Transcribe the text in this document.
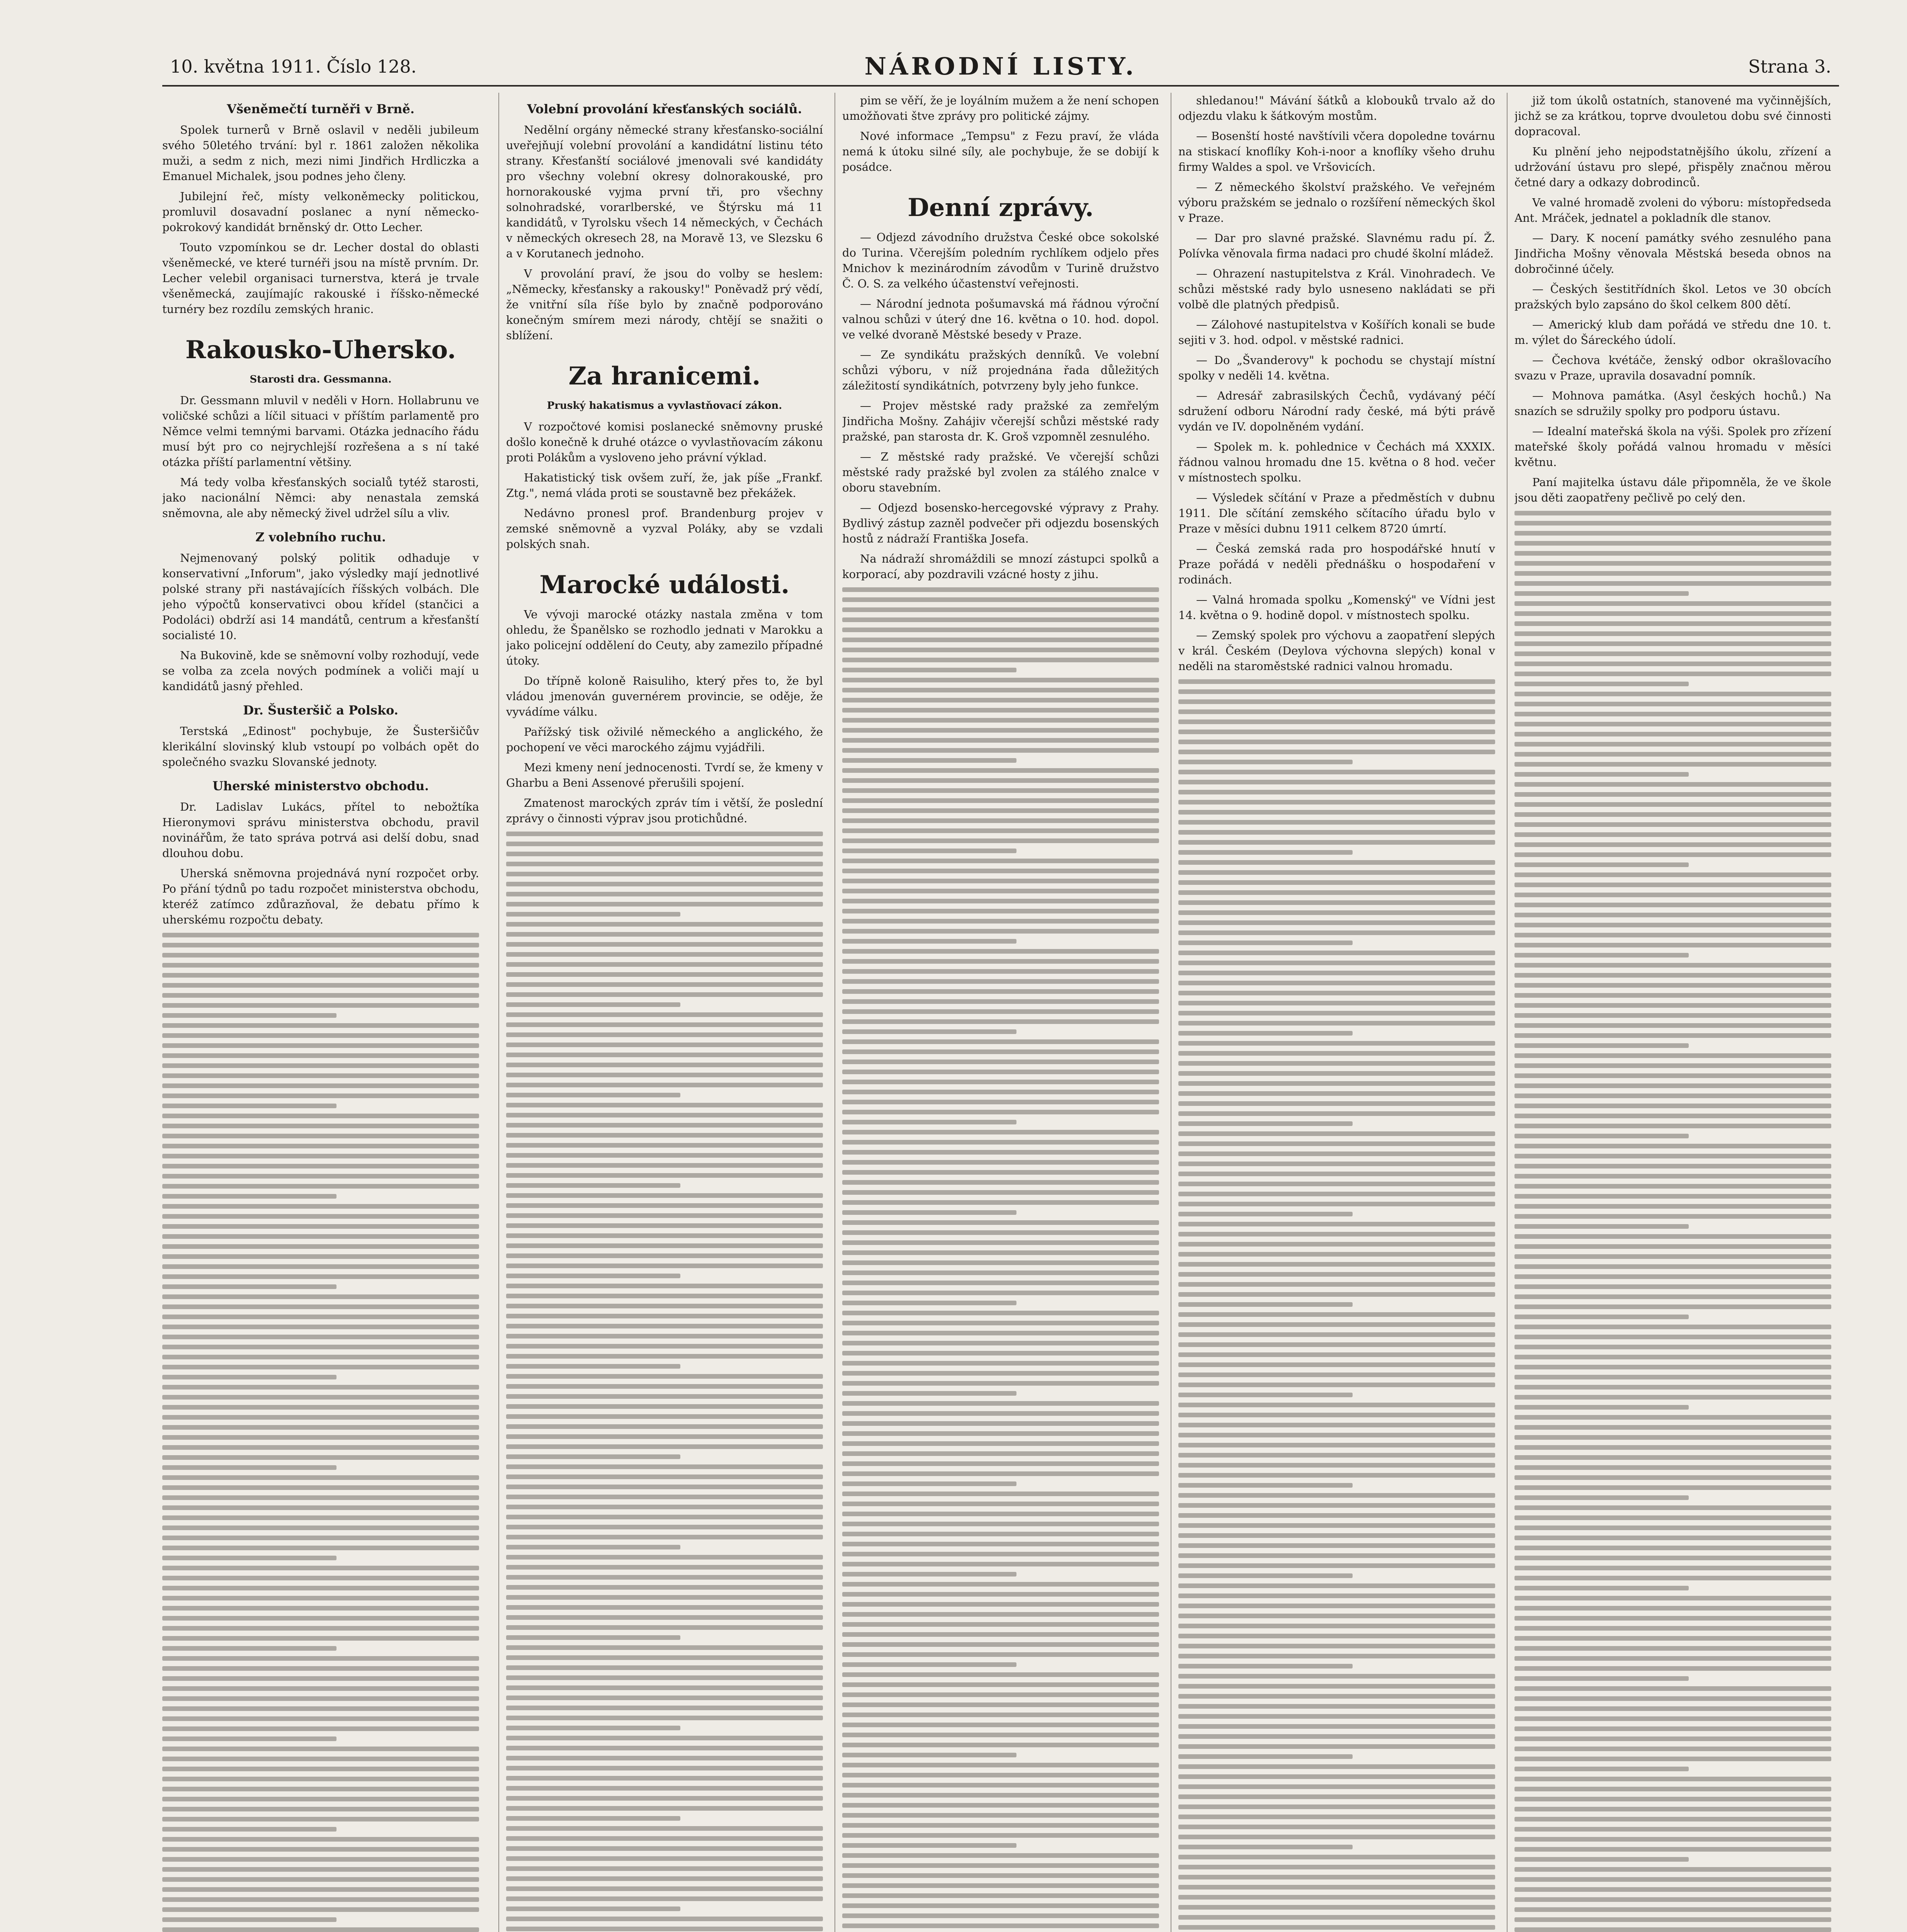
10. května 1911. Číslo 128.	NÁRODNÍ LISTY.	Strana 3.
Všeněmečtí turněři v Brně.

Spolek turnerů v Brně oslavil v neděli jubileum svého 50letého trvání: byl r. 1861 založen několika muži, a sedm z nich, mezi nimi Jindřich Hrdliczka a Emanuel Michalek, jsou podnes jeho členy.

Jubilejní řeč, místy velkoněmecky politickou, promluvil dosavadní poslanec a nyní německo-pokrokový kandidát brněnský dr. Otto Lecher.

Touto vzpomínkou se dr. Lecher dostal do oblasti všeněmecké, ve které turnéři jsou na místě prvním. Dr. Lecher velebil organisaci turnerstva, která je trvale všeněmecká, zaujímajíc rakouské i říšsko-německé turnéry bez rozdílu zemských hranic.

Rakousko-Uhersko.
Starosti dra. Gessmanna.

Dr. Gessmann mluvil v neděli v Horn. Hollabrunu ve voličské schůzi a líčil situaci v příštím parlamentě pro Němce velmi temnými barvami. Otázka jednacího řádu musí být pro co nejrychlejší rozřešena a s ní také otázka příští parlamentní většiny.

Má tedy volba křesťanských socialů tytéž starosti, jako nacionální Němci: aby nenastala zemská sněmovna, ale aby německý živel udržel sílu a vliv.

Z volebního ruchu.

Nejmenovaný polský politik odhaduje v konservativní „Inforum", jako výsledky mají jednotlivé polské strany při nastávajících říšských volbách. Dle jeho výpočtů konservativci obou křídel (stančici a Podoláci) obdrží asi 14 mandátů, centrum a křesťanští socialisté 10.

Na Bukovině, kde se sněmovní volby rozhodují, vede se volba za zcela nových podmínek a voliči mají u kandidátů jasný přehled.

Dr. Šusteršič a Polsko.

Terstská „Edinost" pochybuje, že Šusteršičův klerikální slovinský klub vstoupí po volbách opět do společného svazku Slovanské jednoty.

Uherské ministerstvo obchodu.

Dr. Ladislav Lukács, přítel to nebožtíka Hieronymovi správu ministerstva obchodu, pravil novinářům, že tato správa potrvá asi delší dobu, snad dlouhou dobu.

Uherská sněmovna projednává nyní rozpočet orby. Po přání týdnů po tadu rozpočet ministerstva obchodu, kteréž zatímco zdůrazňoval, že debatu přímo k uherskému rozpočtu debaty.

Volební provolání křesťanských sociálů.

Nedělní orgány německé strany křesťansko-sociální uveřejňují volební provolání a kandidátní listinu této strany. Křesťanští sociálové jmenovali své kandidáty pro všechny volební okresy dolnorakouské, pro hornorakouské vyjma první tři, pro všechny solnohradské, vorarlberské, ve Štýrsku má 11 kandidátů, v Tyrolsku všech 14 německých, v Čechách v německých okresech 28, na Moravě 13, ve Slezsku 6 a v Korutanech jednoho.

V provolání praví, že jsou do volby se heslem: „Německy, křesťansky a rakousky!" Poněvadž prý vědí, že vnitřní síla říše bylo by značně podporováno konečným smírem mezi národy, chtějí se snažiti o sblížení.

Za hranicemi.
Pruský hakatismus a vyvlastňovací zákon.

V rozpočtové komisi poslanecké sněmovny pruské došlo konečně k druhé otázce o vyvlastňovacím zákonu proti Polákům a vysloveno jeho právní výklad.

Hakatistický tisk ovšem zuří, že, jak píše „Frankf. Ztg.", nemá vláda proti se soustavně bez překážek.

Nedávno pronesl prof. Brandenburg projev v zemské sněmovně a vyzval Poláky, aby se vzdali polských snah.

Marocké události.

Ve vývoji marocké otázky nastala změna v tom ohledu, že Španělsko se rozhodlo jednati v Marokku a jako policejní oddělení do Ceuty, aby zamezilo případné útoky.

Do třípně koloně Raisuliho, který přes to, že byl vládou jmenován guvernérem provincie, se oděje, že vyvádíme válku.

Pařížský tisk oživilé německého a anglického, že pochopení ve věci marockého zájmu vyjádřili.

Mezi kmeny není jednocenosti. Tvrdí se, že kmeny v Gharbu a Beni Assenové přerušili spojení.

Zmatenost marockých zpráv tím i větší, že poslední zprávy o činnosti výprav jsou protichůdné.

pim se věří, že je loyálním mužem a že není schopen umožňovati štve zprávy pro politické zájmy.

Nové informace „Tempsu" z Fezu praví, že vláda nemá k útoku silné síly, ale pochybuje, že se dobijí k posádce.

Denní zprávy.

— Odjezd závodního družstva České obce sokolské do Turina. Včerejším poledním rychlíkem odjelo přes Mnichov k mezinárodním závodům v Turině družstvo Č. O. S. za velkého účastenství veřejnosti.

— Národní jednota pošumavská má řádnou výroční valnou schůzi v úterý dne 16. května o 10. hod. dopol. ve velké dvoraně Městské besedy v Praze.

— Ze syndikátu pražských denníků. Ve volební schůzi výboru, v níž projednána řada důležitých záležitostí syndikátních, potvrzeny byly jeho funkce.

— Projev městské rady pražské za zemřelým Jindřicha Mošny. Zahájiv včerejší schůzi městské rady pražské, pan starosta dr. K. Groš vzpomněl zesnulého.

— Z městské rady pražské. Ve včerejší schůzi městské rady pražské byl zvolen za stálého znalce v oboru stavebním.

— Odjezd bosensko-hercegovské výpravy z Prahy. Bydlivý zástup zazněl podvečer při odjezdu bosenských hostů z nádraží Františka Josefa.

Na nádraží shromáždili se mnozí zástupci spolků a korporací, aby pozdravili vzácné hosty z jihu.

shledanou!" Mávání šátků a klobouků trvalo až do odjezdu vlaku k šátkovým mostům.

— Bosenští hosté navštívili včera dopoledne továrnu na stiskací knoflíky Koh-i-noor a knoflíky všeho druhu firmy Waldes a spol. ve Vršovicích.

— Z německého školství pražského. Ve veřejném výboru pražském se jednalo o rozšíření německých škol v Praze.

— Dar pro slavné pražské. Slavnému radu pí. Ž. Polívka věnovala firma nadaci pro chudé školní mládež.

— Ohrazení nastupitelstva z Král. Vinohradech. Ve schůzi městské rady bylo usneseno nakládati se při volbě dle platných předpisů.

— Zálohové nastupitelstva v Košířích konali se bude sejiti v 3. hod. odpol. v městské radnici.

— Do „Švanderovy" k pochodu se chystají místní spolky v neděli 14. května.

— Adresář zabrasilských Čechů, vydávaný péčí sdružení odboru Národní rady české, má býti právě vydán ve IV. dopolněném vydání.

— Spolek m. k. pohlednice v Čechách má XXXIX. řádnou valnou hromadu dne 15. května o 8 hod. večer v místnostech spolku.

— Výsledek sčítání v Praze a předměstích v dubnu 1911. Dle sčítání zemského sčítacího úřadu bylo v Praze v měsíci dubnu 1911 celkem 8720 úmrtí.

— Česká zemská rada pro hospodářské hnutí v Praze pořádá v neděli přednášku o hospodaření v rodinách.

— Valná hromada spolku „Komenský" ve Vídni jest 14. května o 9. hodině dopol. v místnostech spolku.

— Zemský spolek pro výchovu a zaopatření slepých v král. Českém (Deylova výchovna slepých) konal v neděli na staroměstské radnici valnou hromadu.

již tom úkolů ostatních, stanovené ma vyčinnějších, jichž se za krátkou, toprve dvouletou dobu své činnosti dopracoval.

Ku plnění jeho nejpodstatnějšího úkolu, zřízení a udržování ústavu pro slepé, přispěly značnou měrou četné dary a odkazy dobrodinců.

Ve valné hromadě zvoleni do výboru: místopředseda Ant. Mráček, jednatel a pokladník dle stanov.

— Dary. K nocení památky svého zesnulého pana Jindřicha Mošny věnovala Městská beseda obnos na dobročinné účely.

— Českých šestitřídních škol. Letos ve 30 obcích pražských bylo zapsáno do škol celkem 800 dětí.

— Americký klub dam pořádá ve středu dne 10. t. m. výlet do Šáreckého údolí.

— Čechova kvétáče, ženský odbor okrašlovacího svazu v Praze, upravila dosavadní pomník.

— Mohnova památka. (Asyl českých hochů.) Na snazích se sdružily spolky pro podporu ústavu.

— Idealní mateřská škola na výši. Spolek pro zřízení mateřské školy pořádá valnou hromadu v měsíci květnu.

Paní majitelka ústavu dále připomněla, že ve škole jsou děti zaopatřeny pečlivě po celý den.
